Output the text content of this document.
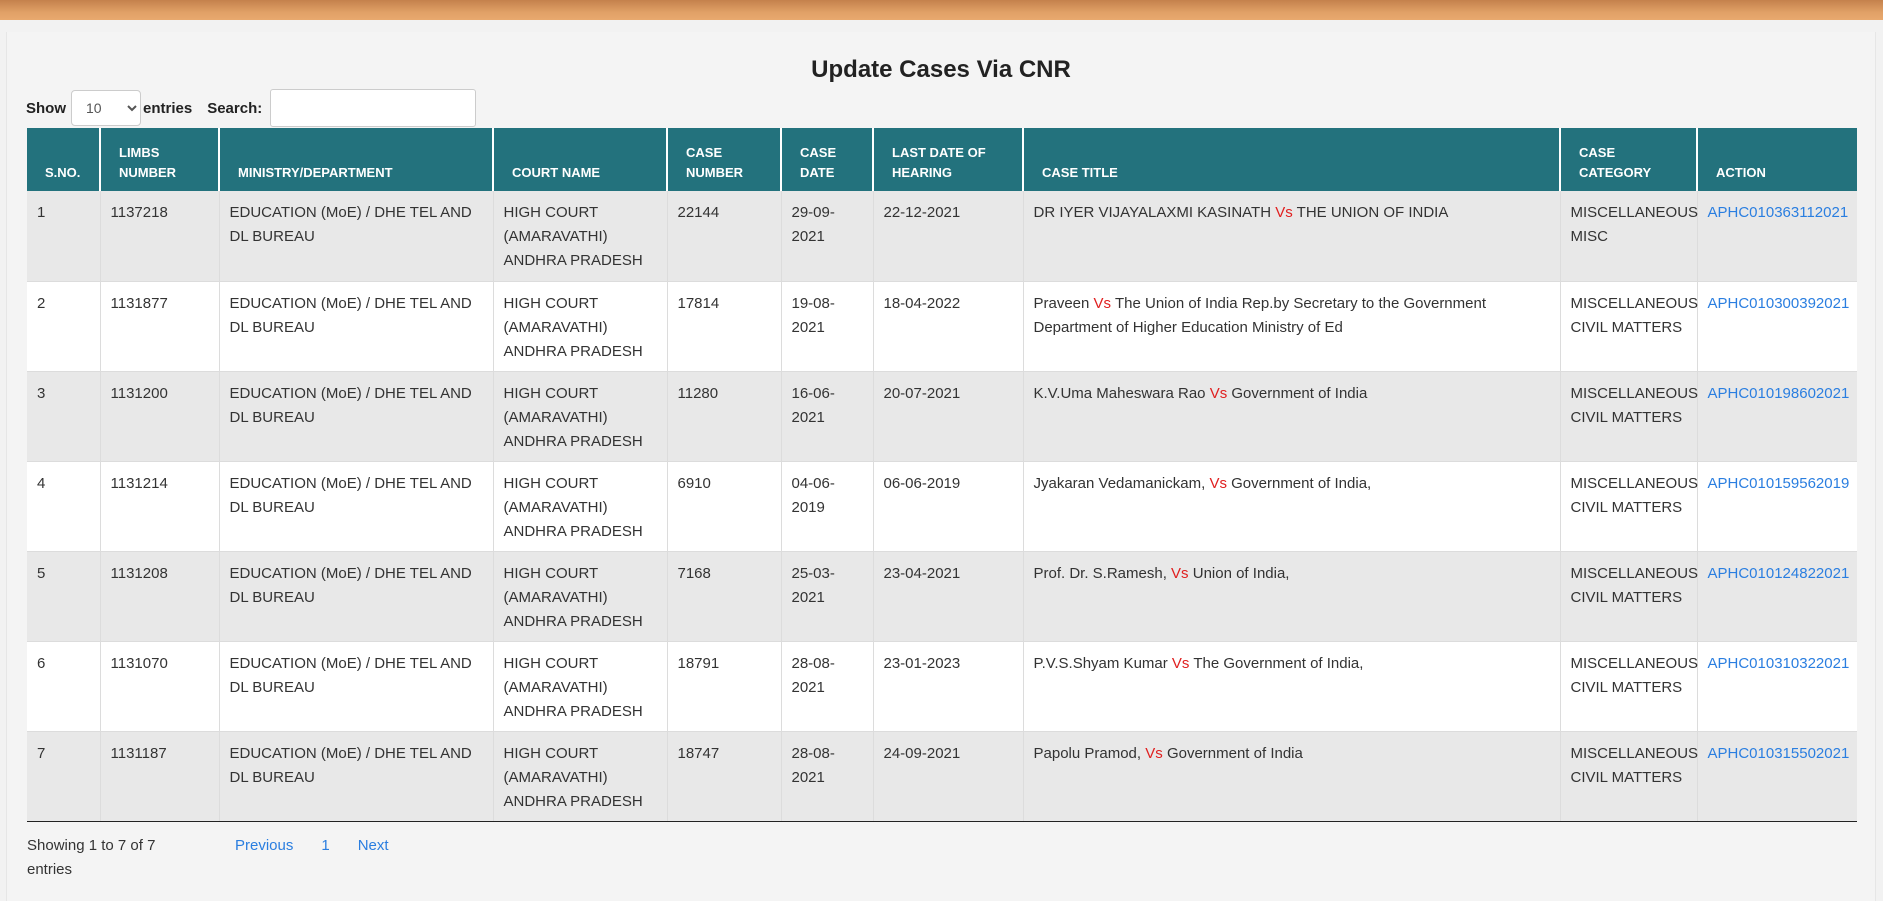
Update Cases Via CNR
Show
10	entries Search:
S.NO.	LIMBS NUMBER	MINISTRY/DEPARTMENT	COURT NAME	CASE NUMBER	CASE DATE	LAST DATE OF HEARING	CASE TITLE	CASE CATEGORY	ACTION
1	1137218	EDUCATION (MoE) / DHE TEL AND DL BUREAU	HIGH COURT (AMARAVATHI) ANDHRA PRADESH	22144	29-09-2021	22-12-2021	DR IYER VIJAYALAXMI KASINATH Vs THE UNION OF INDIA	MISCELLANEOUS MISC	APHC010363112021
2	1131877	EDUCATION (MoE) / DHE TEL AND DL BUREAU	HIGH COURT (AMARAVATHI) ANDHRA PRADESH	17814	19-08-2021	18-04-2022	Praveen Vs The Union of India Rep.by Secretary to the Government Department of Higher Education Ministry of Ed	MISCELLANEOUS CIVIL MATTERS	APHC010300392021
3	1131200	EDUCATION (MoE) / DHE TEL AND DL BUREAU	HIGH COURT (AMARAVATHI) ANDHRA PRADESH	11280	16-06-2021	20-07-2021	K.V.Uma Maheswara Rao Vs Government of India	MISCELLANEOUS CIVIL MATTERS	APHC010198602021
4	1131214	EDUCATION (MoE) / DHE TEL AND DL BUREAU	HIGH COURT (AMARAVATHI) ANDHRA PRADESH	6910	04-06-2019	06-06-2019	Jyakaran Vedamanickam, Vs Government of India,	MISCELLANEOUS CIVIL MATTERS	APHC010159562019
5	1131208	EDUCATION (MoE) / DHE TEL AND DL BUREAU	HIGH COURT (AMARAVATHI) ANDHRA PRADESH	7168	25-03-2021	23-04-2021	Prof. Dr. S.Ramesh, Vs Union of India,	MISCELLANEOUS CIVIL MATTERS	APHC010124822021
6	1131070	EDUCATION (MoE) / DHE TEL AND DL BUREAU	HIGH COURT (AMARAVATHI) ANDHRA PRADESH	18791	28-08-2021	23-01-2023	P.V.S.Shyam Kumar Vs The Government of India,	MISCELLANEOUS CIVIL MATTERS	APHC010310322021
7	1131187	EDUCATION (MoE) / DHE TEL AND DL BUREAU	HIGH COURT (AMARAVATHI) ANDHRA PRADESH	18747	28-08-2021	24-09-2021	Papolu Pramod, Vs Government of India	MISCELLANEOUS CIVIL MATTERS	APHC010315502021
Showing 1 to 7 of 7 entries
Previous 1 Next
